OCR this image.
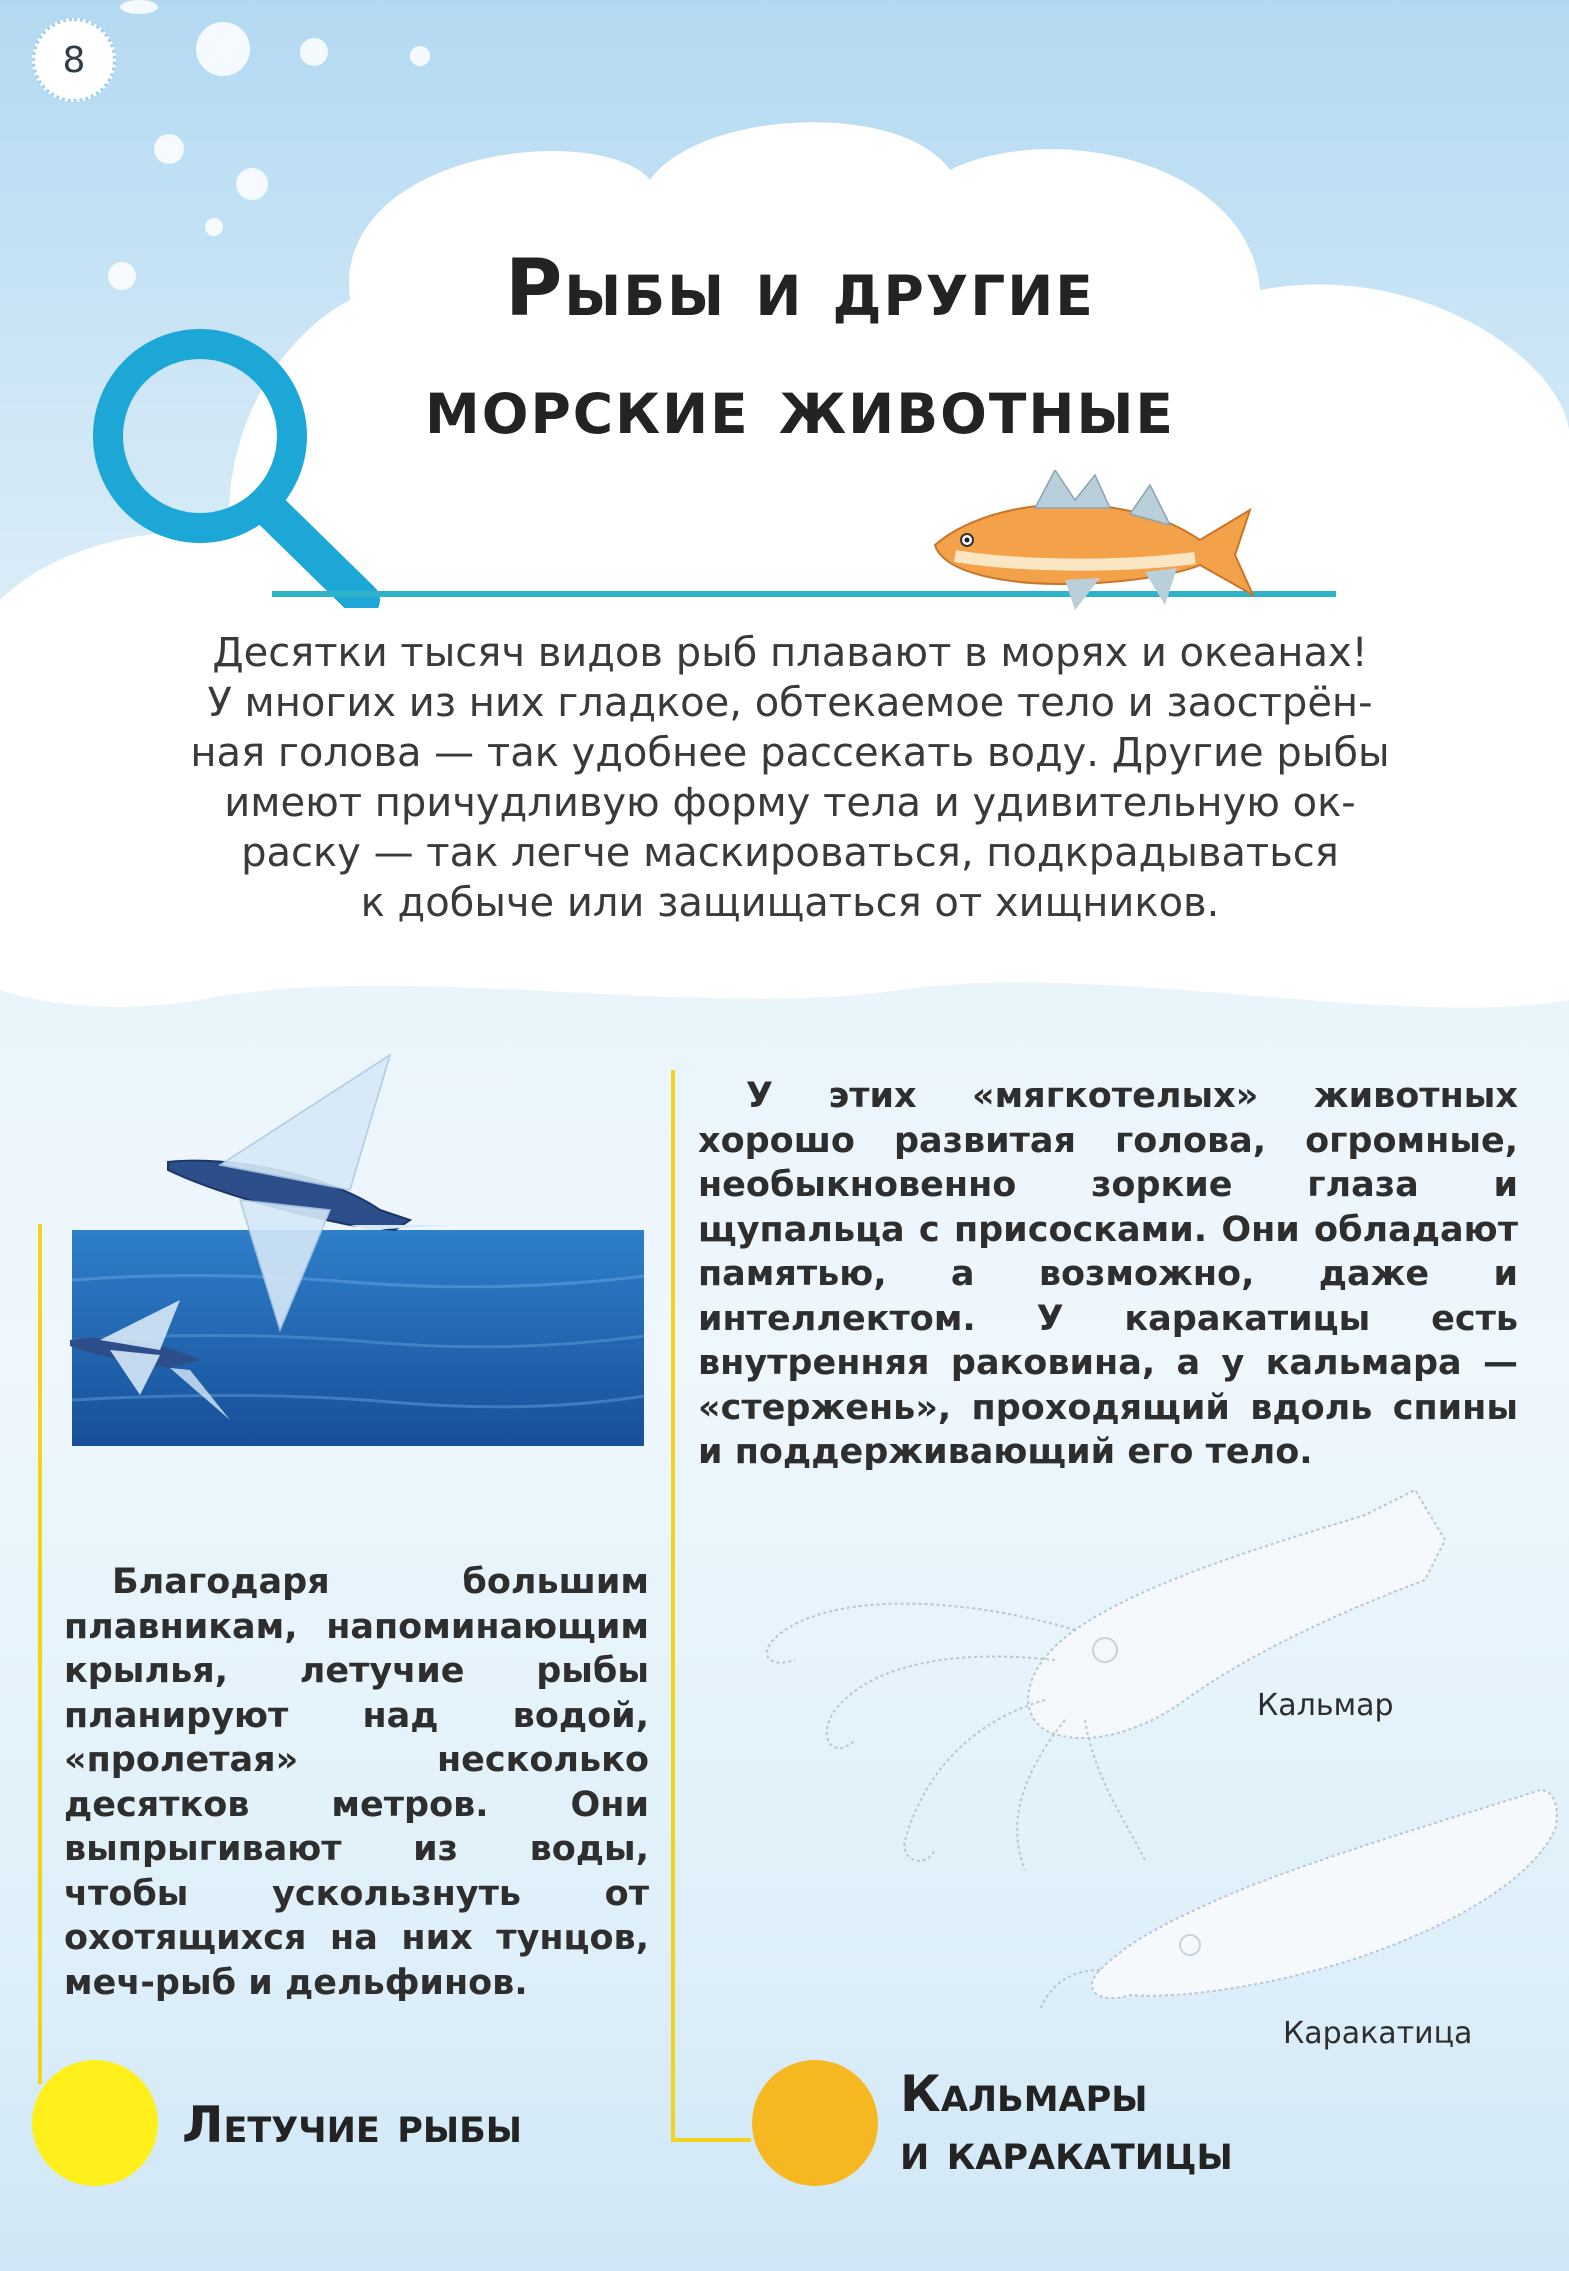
8
Рыбы и другие
морские животные
Десятки тысяч видов рыб плавают в морях и океанах!
У многих из них гладкое, обтекаемое тело и заострён-
ная голова — так удобнее рассекать воду. Другие рыбы
имеют причудливую форму тела и удивительную ок-
раску — так легче маскироваться, подкрадываться
к добыче или защищаться от хищников.
У этих «мягкотелых» животных хорошо развитая голова, огромные, необыкновенно зоркие глаза и щупальца с присосками. Они обладают памятью, а возможно, даже и интеллектом. У каракатицы есть внутренняя раковина, а у кальмара — «стержень», проходящий вдоль спины и поддерживающий его тело.
Кальмар
Каракатица
Благодаря большим плавникам, напоминающим крылья, летучие рыбы планируют над водой, «пролетая» несколько десятков метров. Они выпрыгивают из воды, чтобы ускользнуть от охотящихся на них тунцов, меч-рыб и дельфинов.
Летучие рыбы
Кальмары
и каракатицы
